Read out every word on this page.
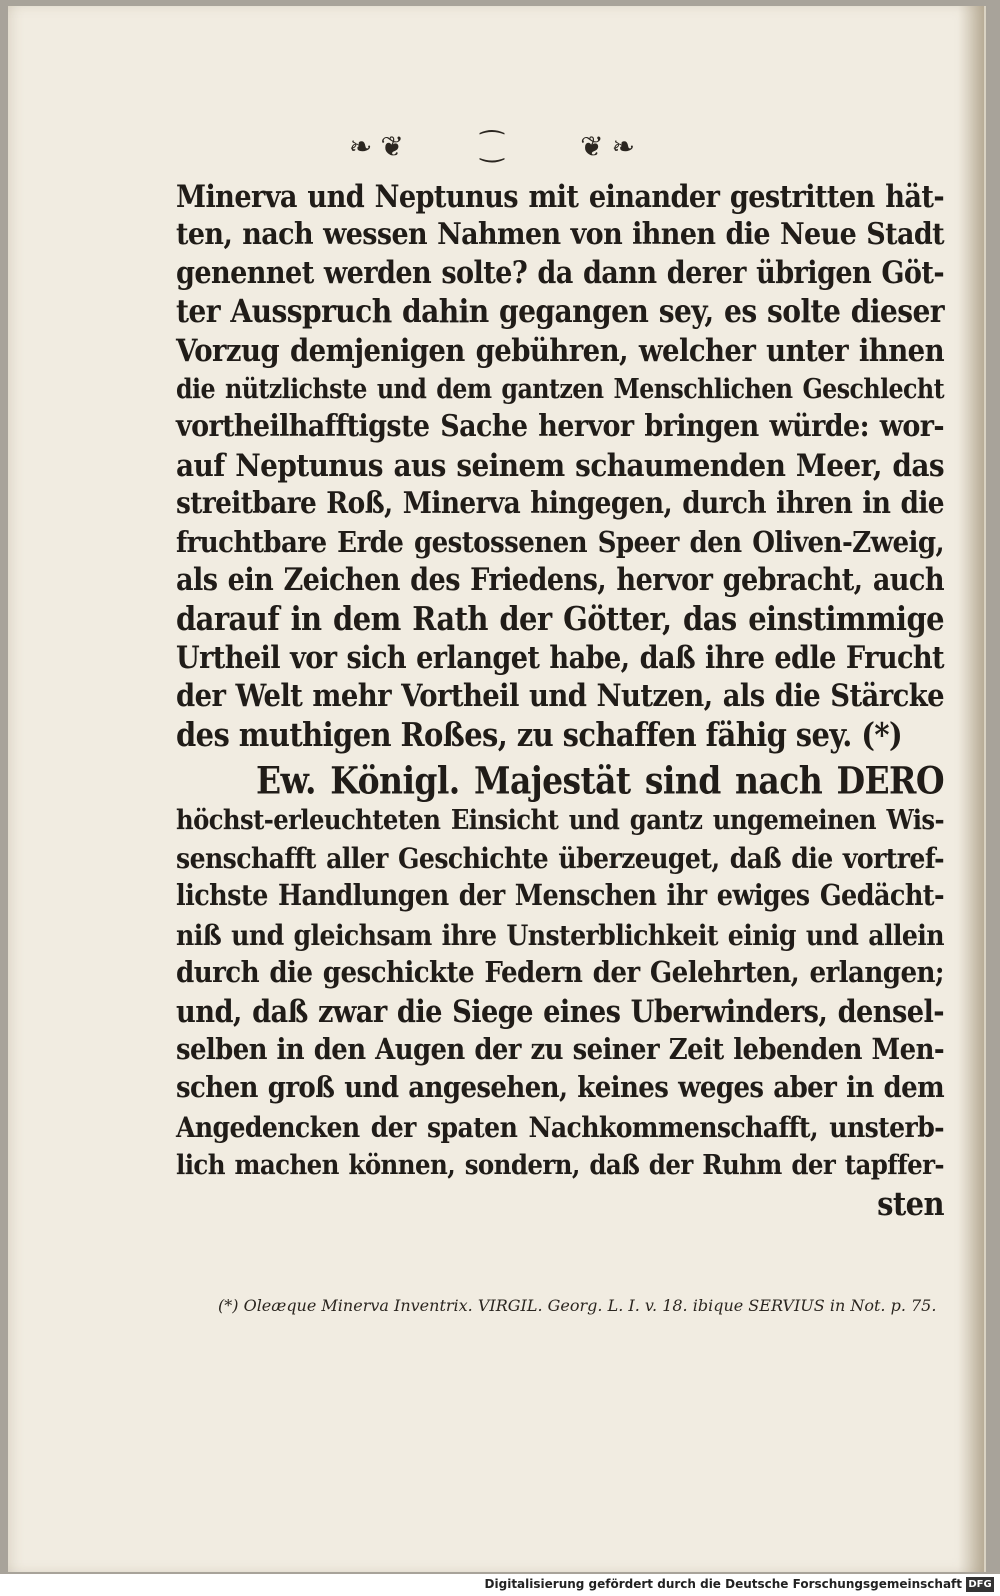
❧❦ ⁐ ❦❧
Minerva und Neptunus mit einander gestritten hät-
ten, nach wessen Nahmen von ihnen die Neue Stadt
genennet werden solte? da dann derer übrigen Göt-
ter Ausspruch dahin gegangen sey, es solte dieser
Vorzug demjenigen gebühren, welcher unter ihnen
die nützlichste und dem gantzen Menschlichen Geschlecht
vortheilhafftigste Sache hervor bringen würde: wor-
auf Neptunus aus seinem schaumenden Meer, das
streitbare Roß, Minerva hingegen, durch ihren in die
fruchtbare Erde gestossenen Speer den Oliven-Zweig,
als ein Zeichen des Friedens, hervor gebracht, auch
darauf in dem Rath der Götter, das einstimmige
Urtheil vor sich erlanget habe, daß ihre edle Frucht
der Welt mehr Vortheil und Nutzen, als die Stärcke
des muthigen Roßes, zu schaffen fähig sey. (*)
Ew. Königl. Majestät sind nach DERO
höchst-erleuchteten Einsicht und gantz ungemeinen Wis-
senschafft aller Geschichte überzeuget, daß die vortref-
lichste Handlungen der Menschen ihr ewiges Gedächt-
niß und gleichsam ihre Unsterblichkeit einig und allein
durch die geschickte Federn der Gelehrten, erlangen;
und, daß zwar die Siege eines Uberwinders, densel-
selben in den Augen der zu seiner Zeit lebenden Men-
schen groß und angesehen, keines weges aber in dem
Angedencken der spaten Nachkommenschafft, unsterb-
lich machen können, sondern, daß der Ruhm der tapffer-
sten
(*) Oleæque Minerva Inventrix. VIRGIL. Georg. L. I. v. 18. ibique SERVIUS in Not. p. 75.
Digitalisierung gefördert durch die Deutsche Forschungsgemeinschaft DFG
